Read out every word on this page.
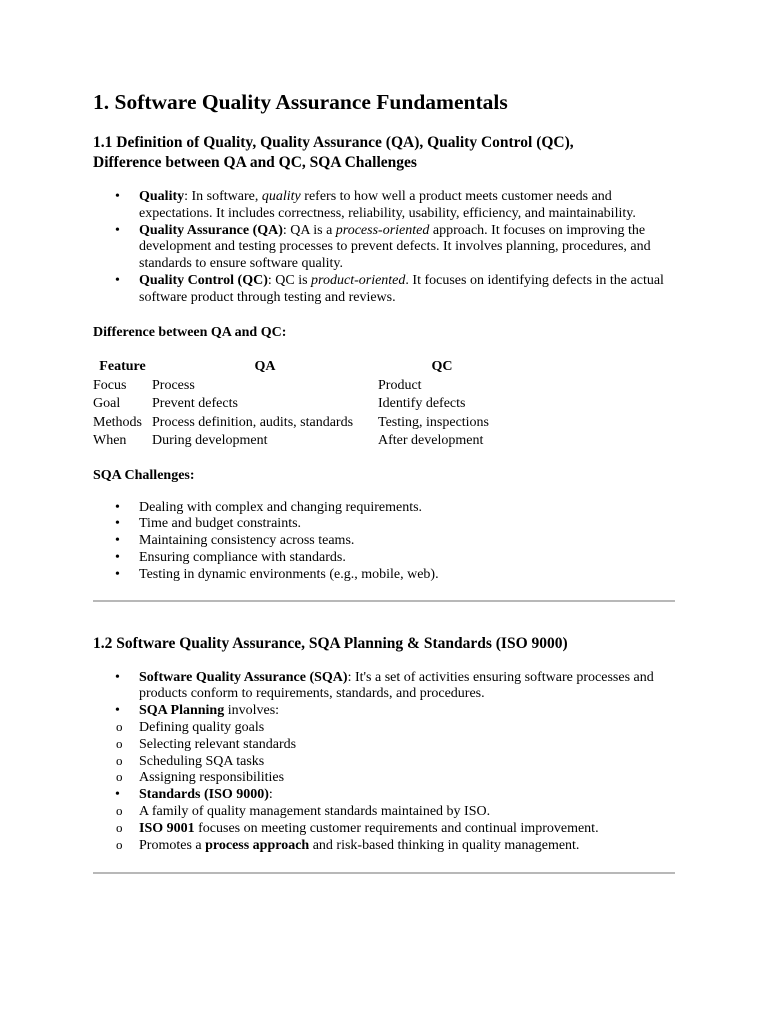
1. Software Quality Assurance Fundamentals
1.1 Definition of Quality, Quality Assurance (QA), Quality Control (QC),
Difference between QA and QC, SQA Challenges
• Quality: In software, quality refers to how well a product meets customer needs and expectations. It includes correctness, reliability, usability, efficiency, and maintainability.
• Quality Assurance (QA): QA is a process-oriented approach. It focuses on improving the development and testing processes to prevent defects. It involves planning, procedures, and standards to ensure software quality.
• Quality Control (QC): QC is product-oriented. It focuses on identifying defects in the actual software product through testing and reviews.

Difference between QA and QC:

Feature	QA	QC
Focus	Process	Product
Goal	Prevent defects	Identify defects
Methods	Process definition, audits, standards	Testing, inspections
When	During development	After development

SQA Challenges:

• Dealing with complex and changing requirements.
• Time and budget constraints.
• Maintaining consistency across teams.
• Ensuring compliance with standards.
• Testing in dynamic environments (e.g., mobile, web).
1.2 Software Quality Assurance, SQA Planning & Standards (ISO 9000)
• Software Quality Assurance (SQA): It's a set of activities ensuring software processes and products conform to requirements, standards, and procedures.
• SQA Planning involves:
o Defining quality goals
o Selecting relevant standards
o Scheduling SQA tasks
o Assigning responsibilities
• Standards (ISO 9000):
o A family of quality management standards maintained by ISO.
o ISO 9001 focuses on meeting customer requirements and continual improvement.
o Promotes a process approach and risk-based thinking in quality management.
